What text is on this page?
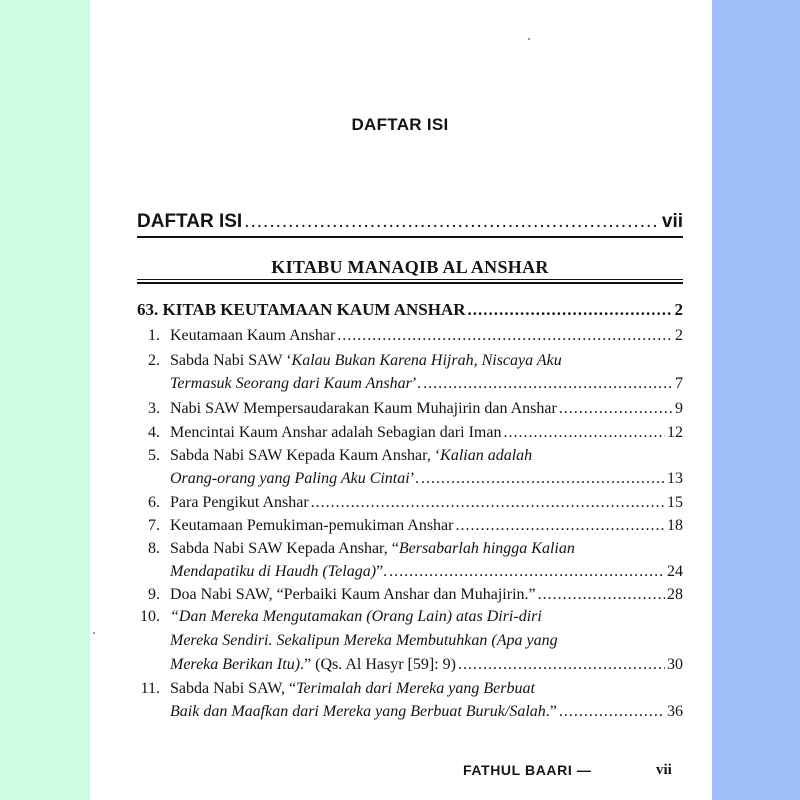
DAFTAR ISI
DAFTAR ISI .....	vii
KITABU MANAQIB AL ANSHAR
63. KITAB KEUTAMAAN KAUM ANSHAR .....	2
1. Keutamaan Kaum Anshar .....	2
2. Sabda Nabi SAW ‘Kalau Bukan Karena Hijrah, Niscaya Aku
Termasuk Seorang dari Kaum Anshar’. .....	7
3. Nabi SAW Mempersaudarakan Kaum Muhajirin dan Anshar .....	9
4. Mencintai Kaum Anshar adalah Sebagian dari Iman .....	12
5. Sabda Nabi SAW Kepada Kaum Anshar, ‘Kalian adalah
Orang-orang yang Paling Aku Cintai’. .....	13
6. Para Pengikut Anshar .....	15
7. Keutamaan Pemukiman-pemukiman Anshar .....	18
8. Sabda Nabi SAW Kepada Anshar, “Bersabarlah hingga Kalian
Mendapatiku di Haudh (Telaga)”. .....	24
9. Doa Nabi SAW, “Perbaiki Kaum Anshar dan Muhajirin.” .....	28
10. “Dan Mereka Mengutamakan (Orang Lain) atas Diri-diri
Mereka Sendiri. Sekalipun Mereka Membutuhkan (Apa yang
Mereka Berikan Itu).” (Qs. Al Hasyr [59]: 9) .....	30
11. Sabda Nabi SAW, “Terimalah dari Mereka yang Berbuat
Baik dan Maafkan dari Mereka yang Berbuat Buruk/Salah.” .....	36
FATHUL BAARI —	vii
